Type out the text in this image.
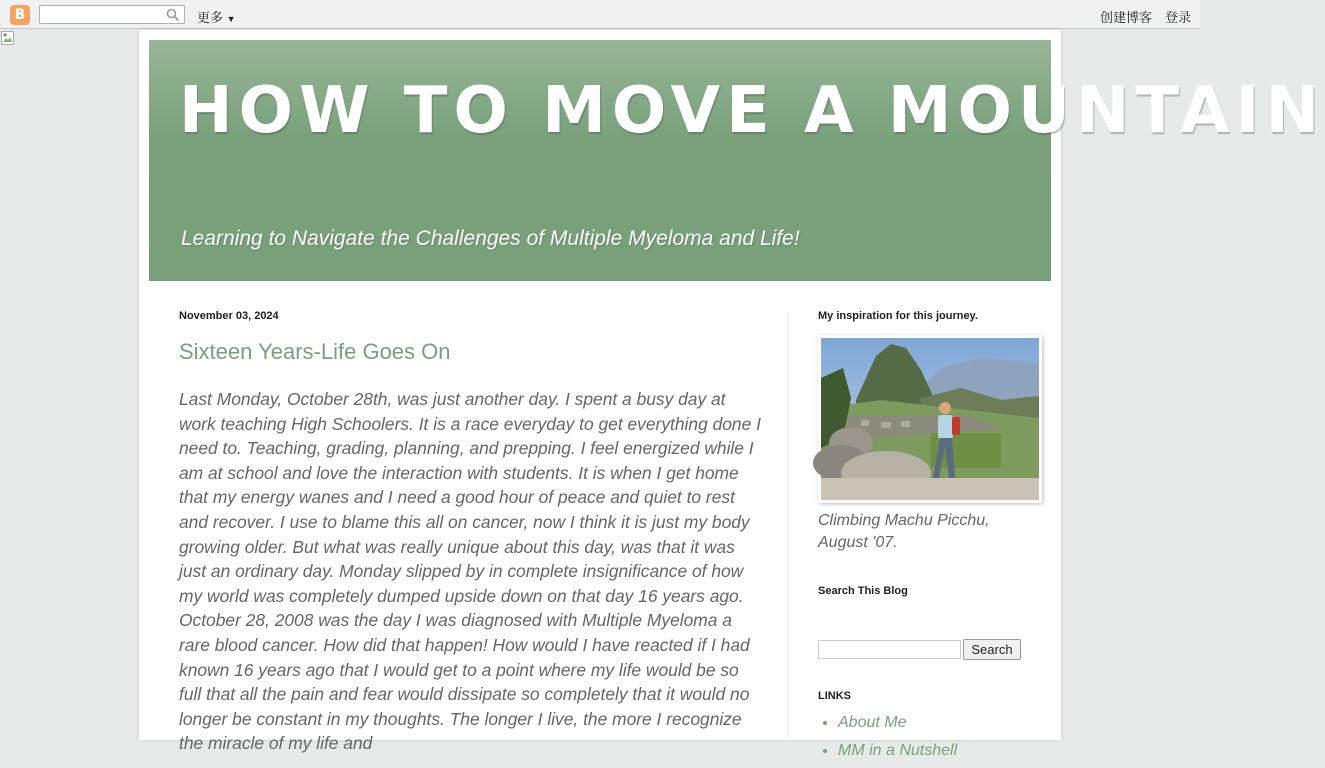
B	更多 ▼	创建博客 登录
HOW TO MOVE A MOUNTAIN

Learning to Navigate the Challenges of Multiple Myeloma and Life!

November 03, 2024
Sixteen Years-Life Goes On
Last Monday, October 28th, was just another day. I spent a busy day at work teaching High Schoolers. It is a race everyday to get everything done I need to. Teaching, grading, planning, and prepping. I feel energized while I am at school and love the interaction with students. It is when I get home that my energy wanes and I need a good hour of peace and quiet to rest and recover. I use to blame this all on cancer, now I think it is just my body growing older. But what was really unique about this day, was that it was just an ordinary day. Monday slipped by in complete insignificance of how my world was completely dumped upside down on that day 16 years ago. October 28, 2008 was the day I was diagnosed with Multiple Myeloma a rare blood cancer. How did that happen! How would I have reacted if I had known 16 years ago that I would get to a point where my life would be so full that all the pain and fear would dissipate so completely that it would no longer be constant in my thoughts. The longer I live, the more I recognize the miracle of my life and
My inspiration for this journey.
Climbing Machu Picchu, August '07.
Search This Blog
Search
LINKS
• About Me
• MM in a Nutshell
